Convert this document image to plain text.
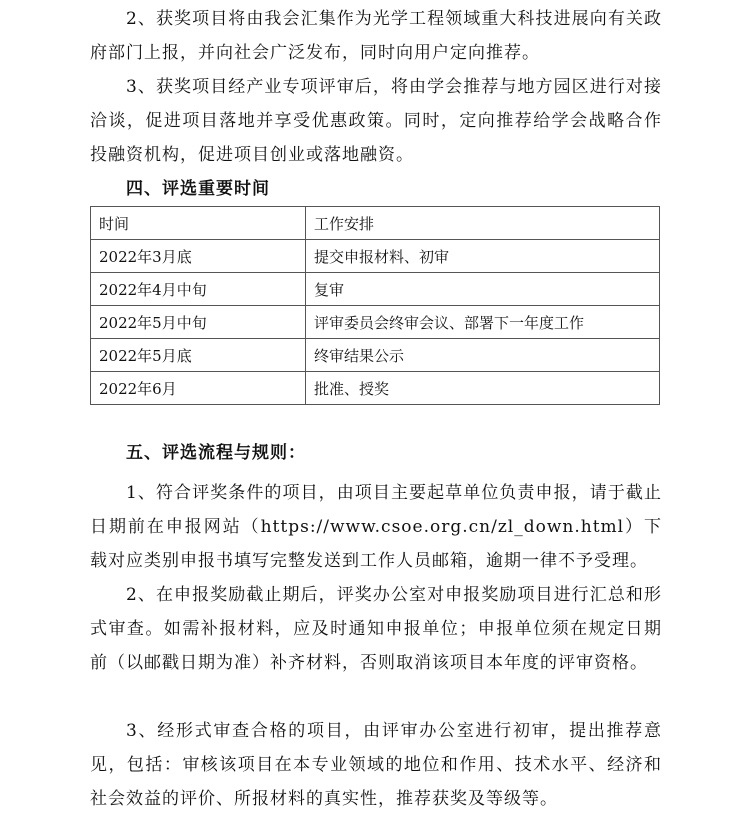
2、获奖项目将由我会汇集作为光学工程领域重大科技进展向有关政府部门上报，并向社会广泛发布，同时向用户定向推荐。

3、获奖项目经产业专项评审后，将由学会推荐与地方园区进行对接洽谈，促进项目落地并享受优惠政策。同时，定向推荐给学会战略合作投融资机构，促进项目创业或落地融资。

四、评选重要时间
时间	工作安排
2022年3月底	提交申报材料、初审
2022年4月中旬	复审
2022年5月中旬	评审委员会终审会议、部署下一年度工作
2022年5月底	终审结果公示
2022年6月	批准、授奖
五、评选流程与规则：

1、符合评奖条件的项目，由项目主要起草单位负责申报，请于截止日期前在申报网站（https://www.csoe.org.cn/zl_down.html）下载对应类别申报书填写完整发送到工作人员邮箱，逾期一律不予受理。

2、在申报奖励截止期后，评奖办公室对申报奖励项目进行汇总和形式审查。如需补报材料，应及时通知申报单位；申报单位须在规定日期前（以邮戳日期为准）补齐材料，否则取消该项目本年度的评审资格。

3、经形式审查合格的项目，由评审办公室进行初审，提出推荐意见，包括：审核该项目在本专业领域的地位和作用、技术水平、经济和社会效益的评价、所报材料的真实性，推荐获奖及等级等。
